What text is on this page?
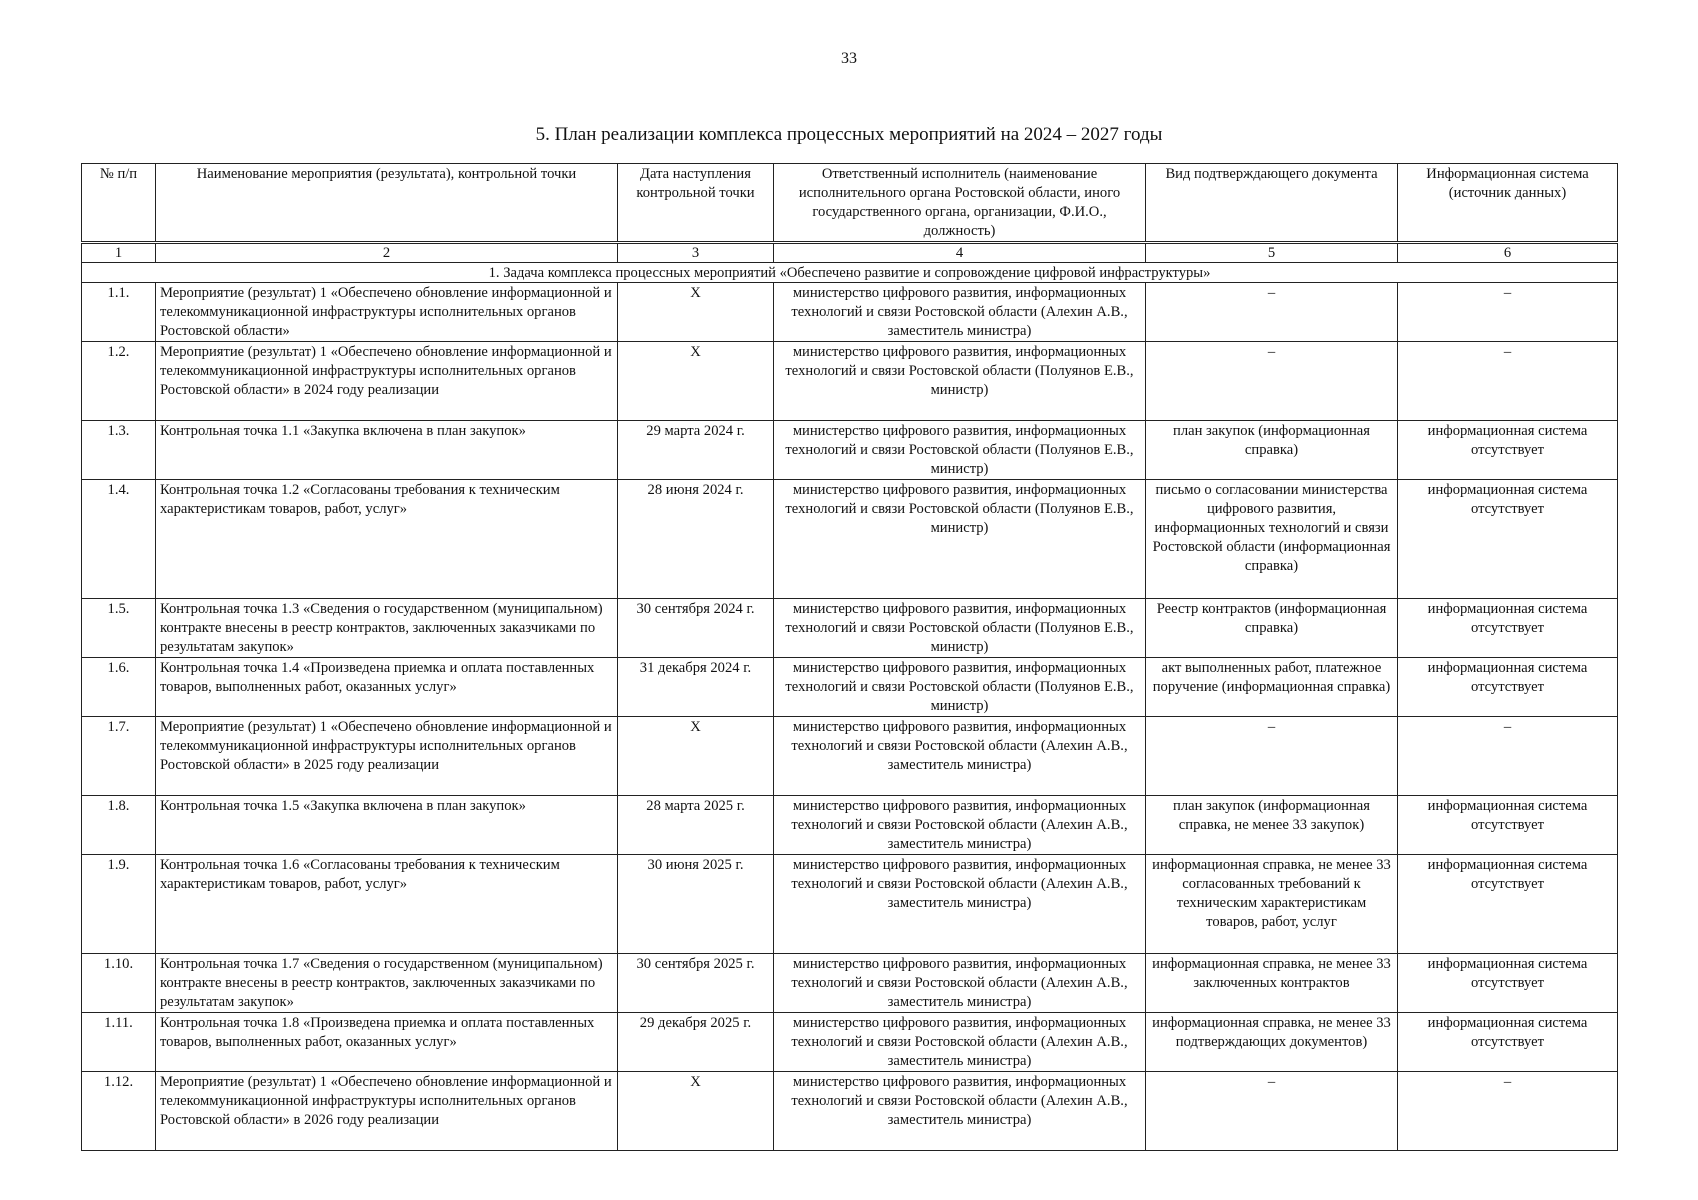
33
5. План реализации комплекса процессных мероприятий на 2024 – 2027 годы
№ п/п	Наименование мероприятия (результата), контрольной точки	Дата наступления контрольной точки	Ответственный исполнитель (наименование исполнительного органа Ростовской области, иного государственного органа, организации, Ф.И.О., должность)	Вид подтверждающего документа	Информационная система (источник данных)
1	2	3	4	5	6
1. Задача комплекса процессных мероприятий «Обеспечено развитие и сопровождение цифровой инфраструктуры»					
1.1.	Мероприятие (результат) 1 «Обеспечено обновление информационной и телекоммуникационной инфраструктуры исполнительных органов Ростовской области»	Х	министерство цифрового развития, информационных технологий и связи Ростовской области (Алехин А.В., заместитель министра)	–	–
1.2.	Мероприятие (результат) 1 «Обеспечено обновление информационной и телекоммуникационной инфраструктуры исполнительных органов Ростовской области» в 2024 году реализации	Х	министерство цифрового развития, информационных технологий и связи Ростовской области (Полуянов Е.В., министр)	–	–
1.3.	Контрольная точка 1.1 «Закупка включена в план закупок»	29 марта 2024 г.	министерство цифрового развития, информационных технологий и связи Ростовской области (Полуянов Е.В., министр)	план закупок (информационная справка)	информационная система отсутствует
1.4.	Контрольная точка 1.2 «Согласованы требования к техническим характеристикам товаров, работ, услуг»	28 июня 2024 г.	министерство цифрового развития, информационных технологий и связи Ростовской области (Полуянов Е.В., министр)	письмо о согласовании министерства цифрового развития, информационных технологий и связи Ростовской области (информационная справка)	информационная система отсутствует
1.5.	Контрольная точка 1.3 «Сведения о государственном (муниципальном) контракте внесены в реестр контрактов, заключенных заказчиками по результатам закупок»	30 сентября 2024 г.	министерство цифрового развития, информационных технологий и связи Ростовской области (Полуянов Е.В., министр)	Реестр контрактов (информационная справка)	информационная система отсутствует
1.6.	Контрольная точка 1.4 «Произведена приемка и оплата поставленных товаров, выполненных работ, оказанных услуг»	31 декабря 2024 г.	министерство цифрового развития, информационных технологий и связи Ростовской области (Полуянов Е.В., министр)	акт выполненных работ, платежное поручение (информационная справка)	информационная система отсутствует
1.7.	Мероприятие (результат) 1 «Обеспечено обновление информационной и телекоммуникационной инфраструктуры исполнительных органов Ростовской области» в 2025 году реализации	Х	министерство цифрового развития, информационных технологий и связи Ростовской области (Алехин А.В., заместитель министра)	–	–
1.8.	Контрольная точка 1.5 «Закупка включена в план закупок»	28 марта 2025 г.	министерство цифрового развития, информационных технологий и связи Ростовской области (Алехин А.В., заместитель министра)	план закупок (информационная справка, не менее 33 закупок)	информационная система отсутствует
1.9.	Контрольная точка 1.6 «Согласованы требования к техническим характеристикам товаров, работ, услуг»	30 июня 2025 г.	министерство цифрового развития, информационных технологий и связи Ростовской области (Алехин А.В., заместитель министра)	информационная справка, не менее 33 согласованных требований к техническим характеристикам товаров, работ, услуг	информационная система отсутствует
1.10.	Контрольная точка 1.7 «Сведения о государственном (муниципальном) контракте внесены в реестр контрактов, заключенных заказчиками по результатам закупок»	30 сентября 2025 г.	министерство цифрового развития, информационных технологий и связи Ростовской области (Алехин А.В., заместитель министра)	информационная справка, не менее 33 заключенных контрактов	информационная система отсутствует
1.11.	Контрольная точка 1.8 «Произведена приемка и оплата поставленных товаров, выполненных работ, оказанных услуг»	29 декабря 2025 г.	министерство цифрового развития, информационных технологий и связи Ростовской области (Алехин А.В., заместитель министра)	информационная справка, не менее 33 подтверждающих документов)	информационная система отсутствует
1.12.	Мероприятие (результат) 1 «Обеспечено обновление информационной и телекоммуникационной инфраструктуры исполнительных органов Ростовской области» в 2026 году реализации	Х	министерство цифрового развития, информационных технологий и связи Ростовской области (Алехин А.В., заместитель министра)	–	–
